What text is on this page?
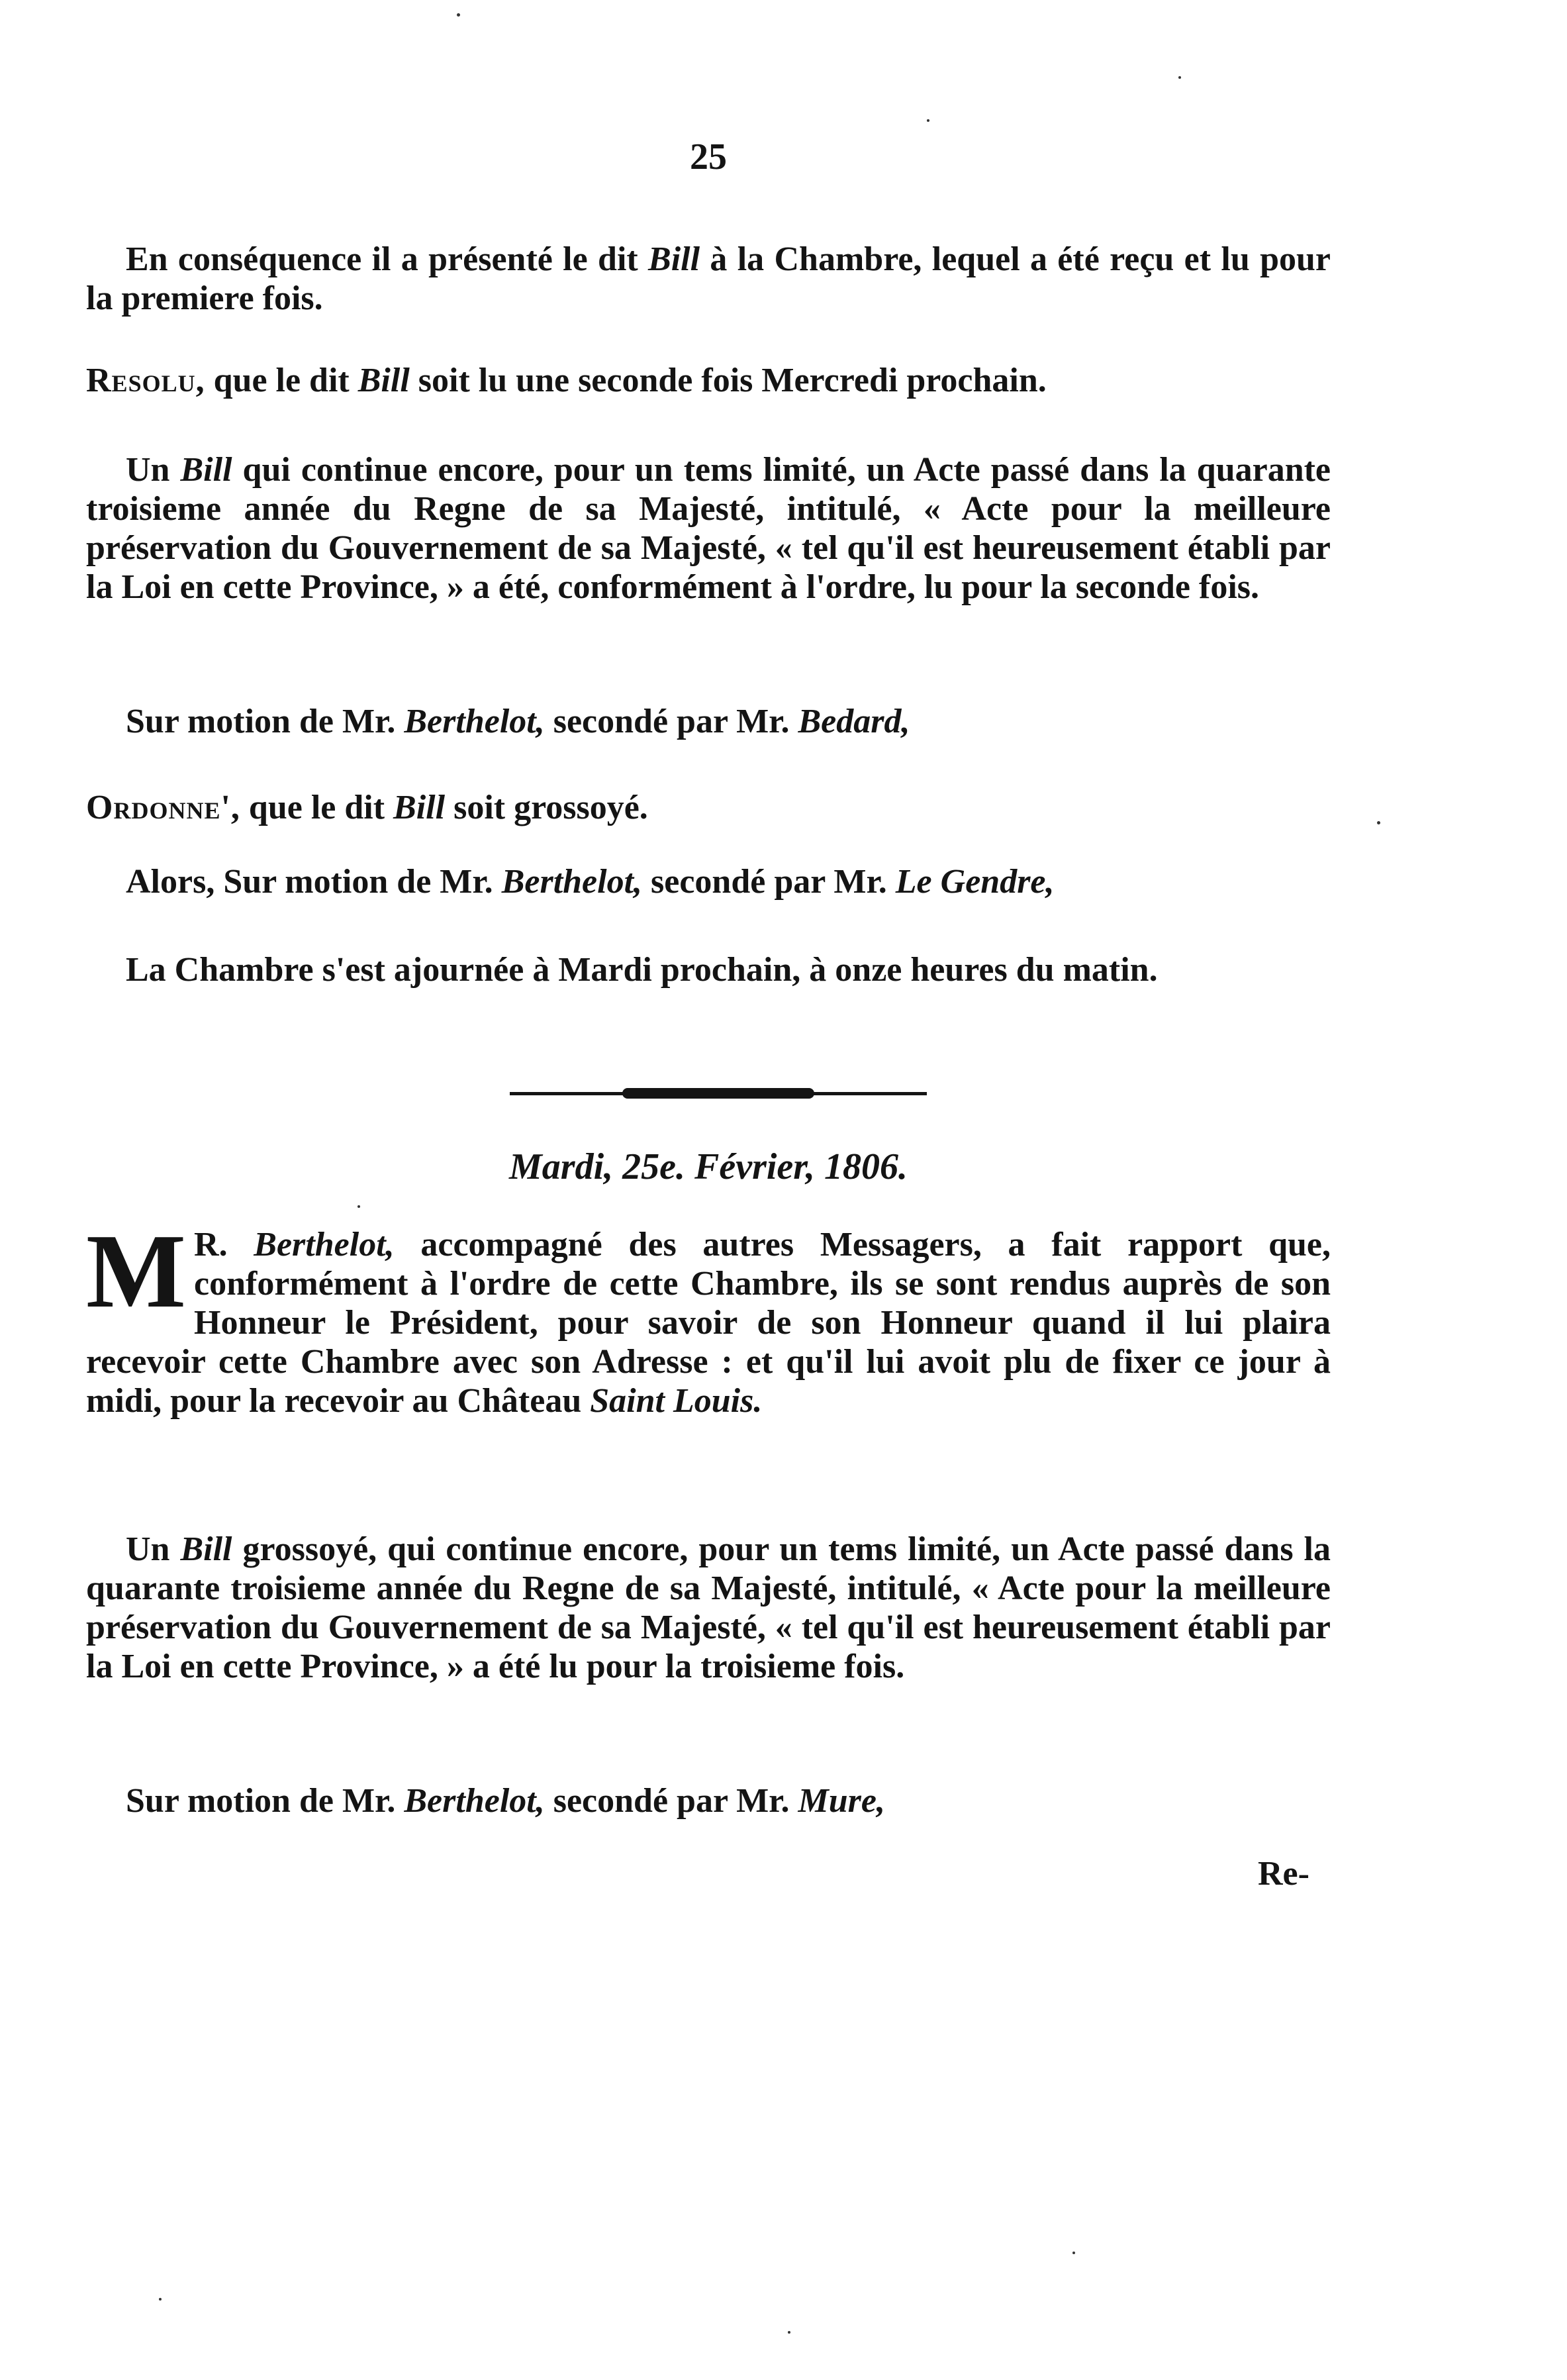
25
En conséquence il a présenté le dit Bill à la Chambre, lequel a été reçu et lu pour la premiere fois.
Resolu, que le dit Bill soit lu une seconde fois Mercredi prochain.
Un Bill qui continue encore, pour un tems limité, un Acte passé dans la quarante troisieme année du Regne de sa Majesté, intitulé, « Acte pour la meilleure préservation du Gouvernement de sa Majesté, « tel qu'il est heureusement établi par la Loi en cette Province, » a été, conformément à l'ordre, lu pour la seconde fois.
Sur motion de Mr. Berthelot, secondé par Mr. Bedard,
Ordonne', que le dit Bill soit grossoyé.
Alors, Sur motion de Mr. Berthelot, secondé par Mr. Le Gendre,
La Chambre s'est ajournée à Mardi prochain, à onze heures du matin.
Mardi, 25e. Février, 1806.
M R. Berthelot, accompagné des autres Messagers, a fait rapport que, conformément à l'ordre de cette Chambre, ils se sont rendus auprès de son Honneur le Président, pour savoir de son Honneur quand il lui plaira recevoir cette Chambre avec son Adresse : et qu'il lui avoit plu de fixer ce jour à midi, pour la recevoir au Château Saint Louis.
Un Bill grossoyé, qui continue encore, pour un tems limité, un Acte passé dans la quarante troisieme année du Regne de sa Majesté, intitulé, « Acte pour la meilleure préservation du Gouvernement de sa Majesté, « tel qu'il est heureusement établi par la Loi en cette Province, » a été lu pour la troisieme fois.
Sur motion de Mr. Berthelot, secondé par Mr. Mure,
Re-
